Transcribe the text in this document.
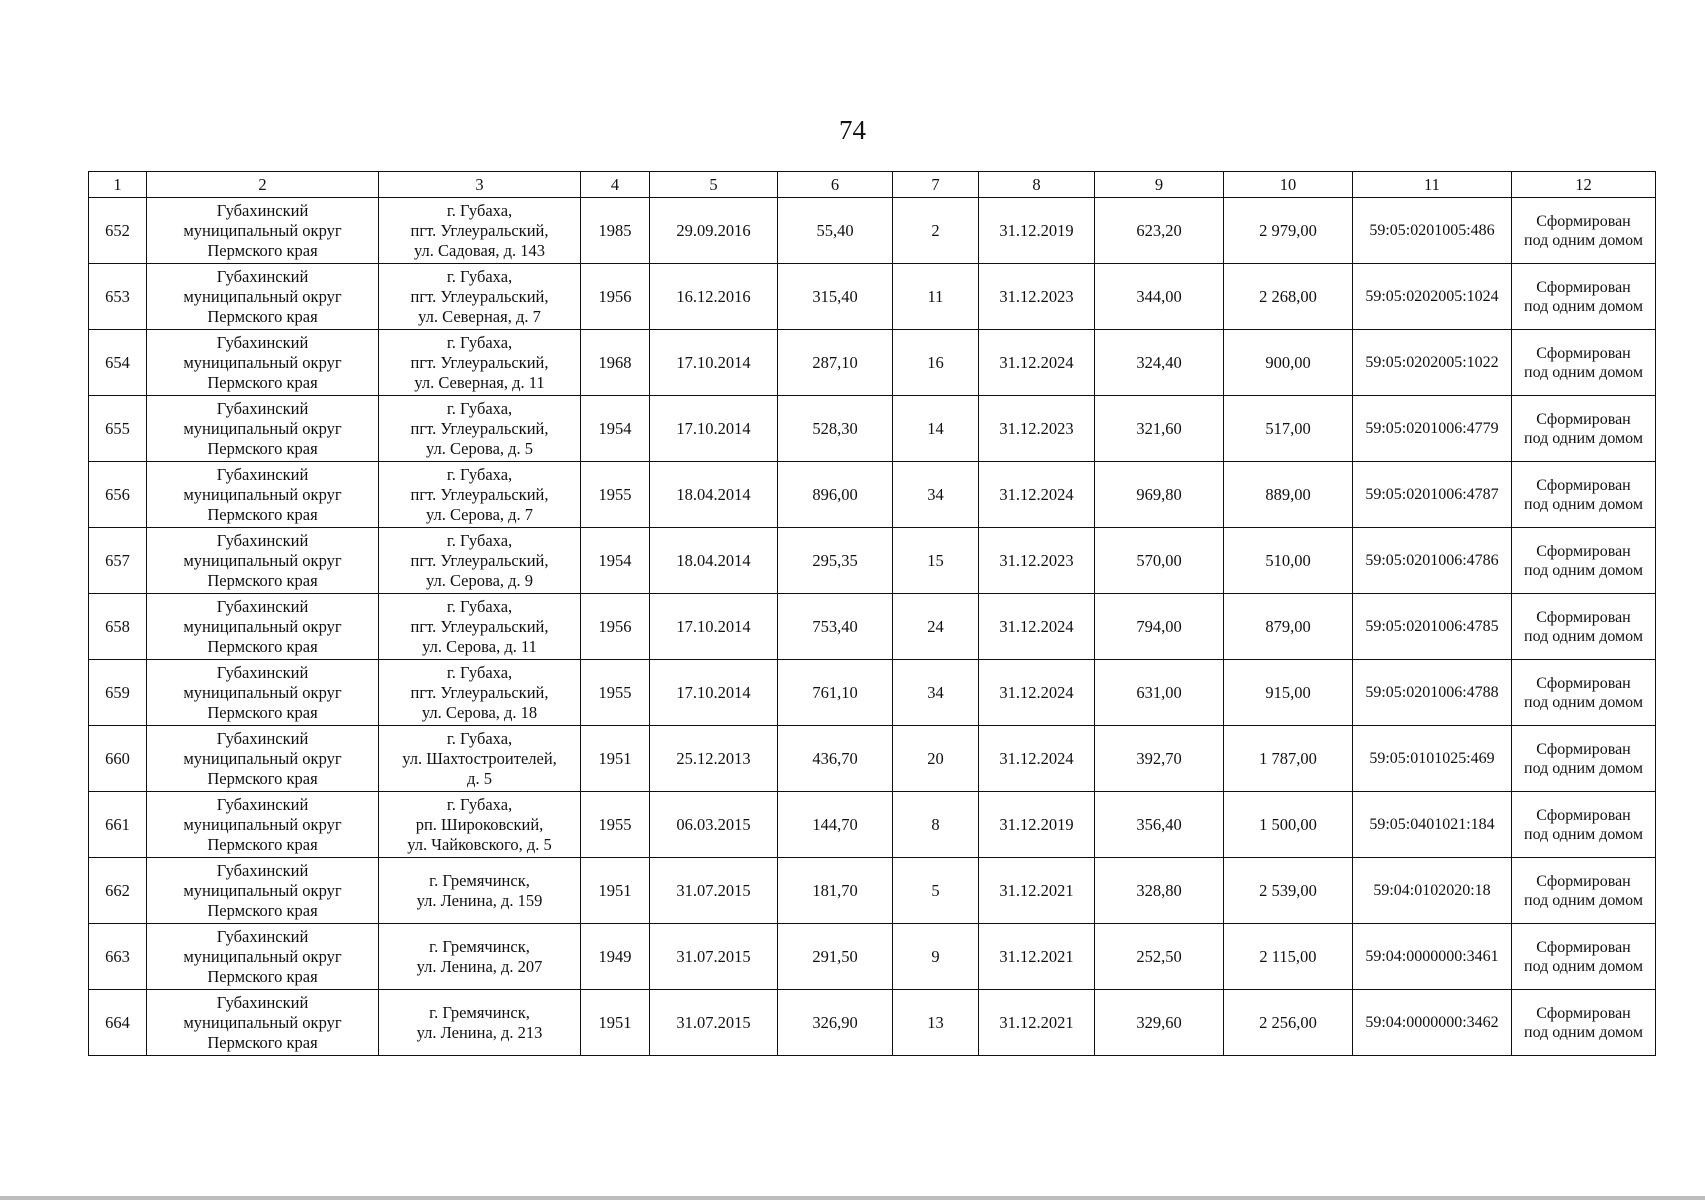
74
1	2	3	4	5	6	7	8	9	10	11	12
652	Губахинский
муниципальный округ
Пермского края	г. Губаха,
пгт. Углеуральский,
ул. Садовая, д. 143	1985	29.09.2016	55,40	2	31.12.2019	623,20	2 979,00	59:05:0201005:486	Сформирован
под одним домом

653	Губахинский
муниципальный округ
Пермского края	г. Губаха,
пгт. Углеуральский,
ул. Северная, д. 7	1956	16.12.2016	315,40	11	31.12.2023	344,00	2 268,00	59:05:0202005:1024	Сформирован
под одним домом

654	Губахинский
муниципальный округ
Пермского края	г. Губаха,
пгт. Углеуральский,
ул. Северная, д. 11	1968	17.10.2014	287,10	16	31.12.2024	324,40	900,00	59:05:0202005:1022	Сформирован
под одним домом

655	Губахинский
муниципальный округ
Пермского края	г. Губаха,
пгт. Углеуральский,
ул. Серова, д. 5	1954	17.10.2014	528,30	14	31.12.2023	321,60	517,00	59:05:0201006:4779	Сформирован
под одним домом

656	Губахинский
муниципальный округ
Пермского края	г. Губаха,
пгт. Углеуральский,
ул. Серова, д. 7	1955	18.04.2014	896,00	34	31.12.2024	969,80	889,00	59:05:0201006:4787	Сформирован
под одним домом

657	Губахинский
муниципальный округ
Пермского края	г. Губаха,
пгт. Углеуральский,
ул. Серова, д. 9	1954	18.04.2014	295,35	15	31.12.2023	570,00	510,00	59:05:0201006:4786	Сформирован
под одним домом

658	Губахинский
муниципальный округ
Пермского края	г. Губаха,
пгт. Углеуральский,
ул. Серова, д. 11	1956	17.10.2014	753,40	24	31.12.2024	794,00	879,00	59:05:0201006:4785	Сформирован
под одним домом

659	Губахинский
муниципальный округ
Пермского края	г. Губаха,
пгт. Углеуральский,
ул. Серова, д. 18	1955	17.10.2014	761,10	34	31.12.2024	631,00	915,00	59:05:0201006:4788	Сформирован
под одним домом

660	Губахинский
муниципальный округ
Пермского края	г. Губаха,
ул. Шахтостроителей,
д. 5	1951	25.12.2013	436,70	20	31.12.2024	392,70	1 787,00	59:05:0101025:469	Сформирован
под одним домом

661	Губахинский
муниципальный округ
Пермского края	г. Губаха,
рп. Широковский,
ул. Чайковского, д. 5	1955	06.03.2015	144,70	8	31.12.2019	356,40	1 500,00	59:05:0401021:184	Сформирован
под одним домом

662	Губахинский
муниципальный округ
Пермского края	г. Гремячинск,
ул. Ленина, д. 159	1951	31.07.2015	181,70	5	31.12.2021	328,80	2 539,00	59:04:0102020:18	Сформирован
под одним домом

663	Губахинский
муниципальный округ
Пермского края	г. Гремячинск,
ул. Ленина, д. 207	1949	31.07.2015	291,50	9	31.12.2021	252,50	2 115,00	59:04:0000000:3461	Сформирован
под одним домом

664	Губахинский
муниципальный округ
Пермского края	г. Гремячинск,
ул. Ленина, д. 213	1951	31.07.2015	326,90	13	31.12.2021	329,60	2 256,00	59:04:0000000:3462	Сформирован
под одним домом
